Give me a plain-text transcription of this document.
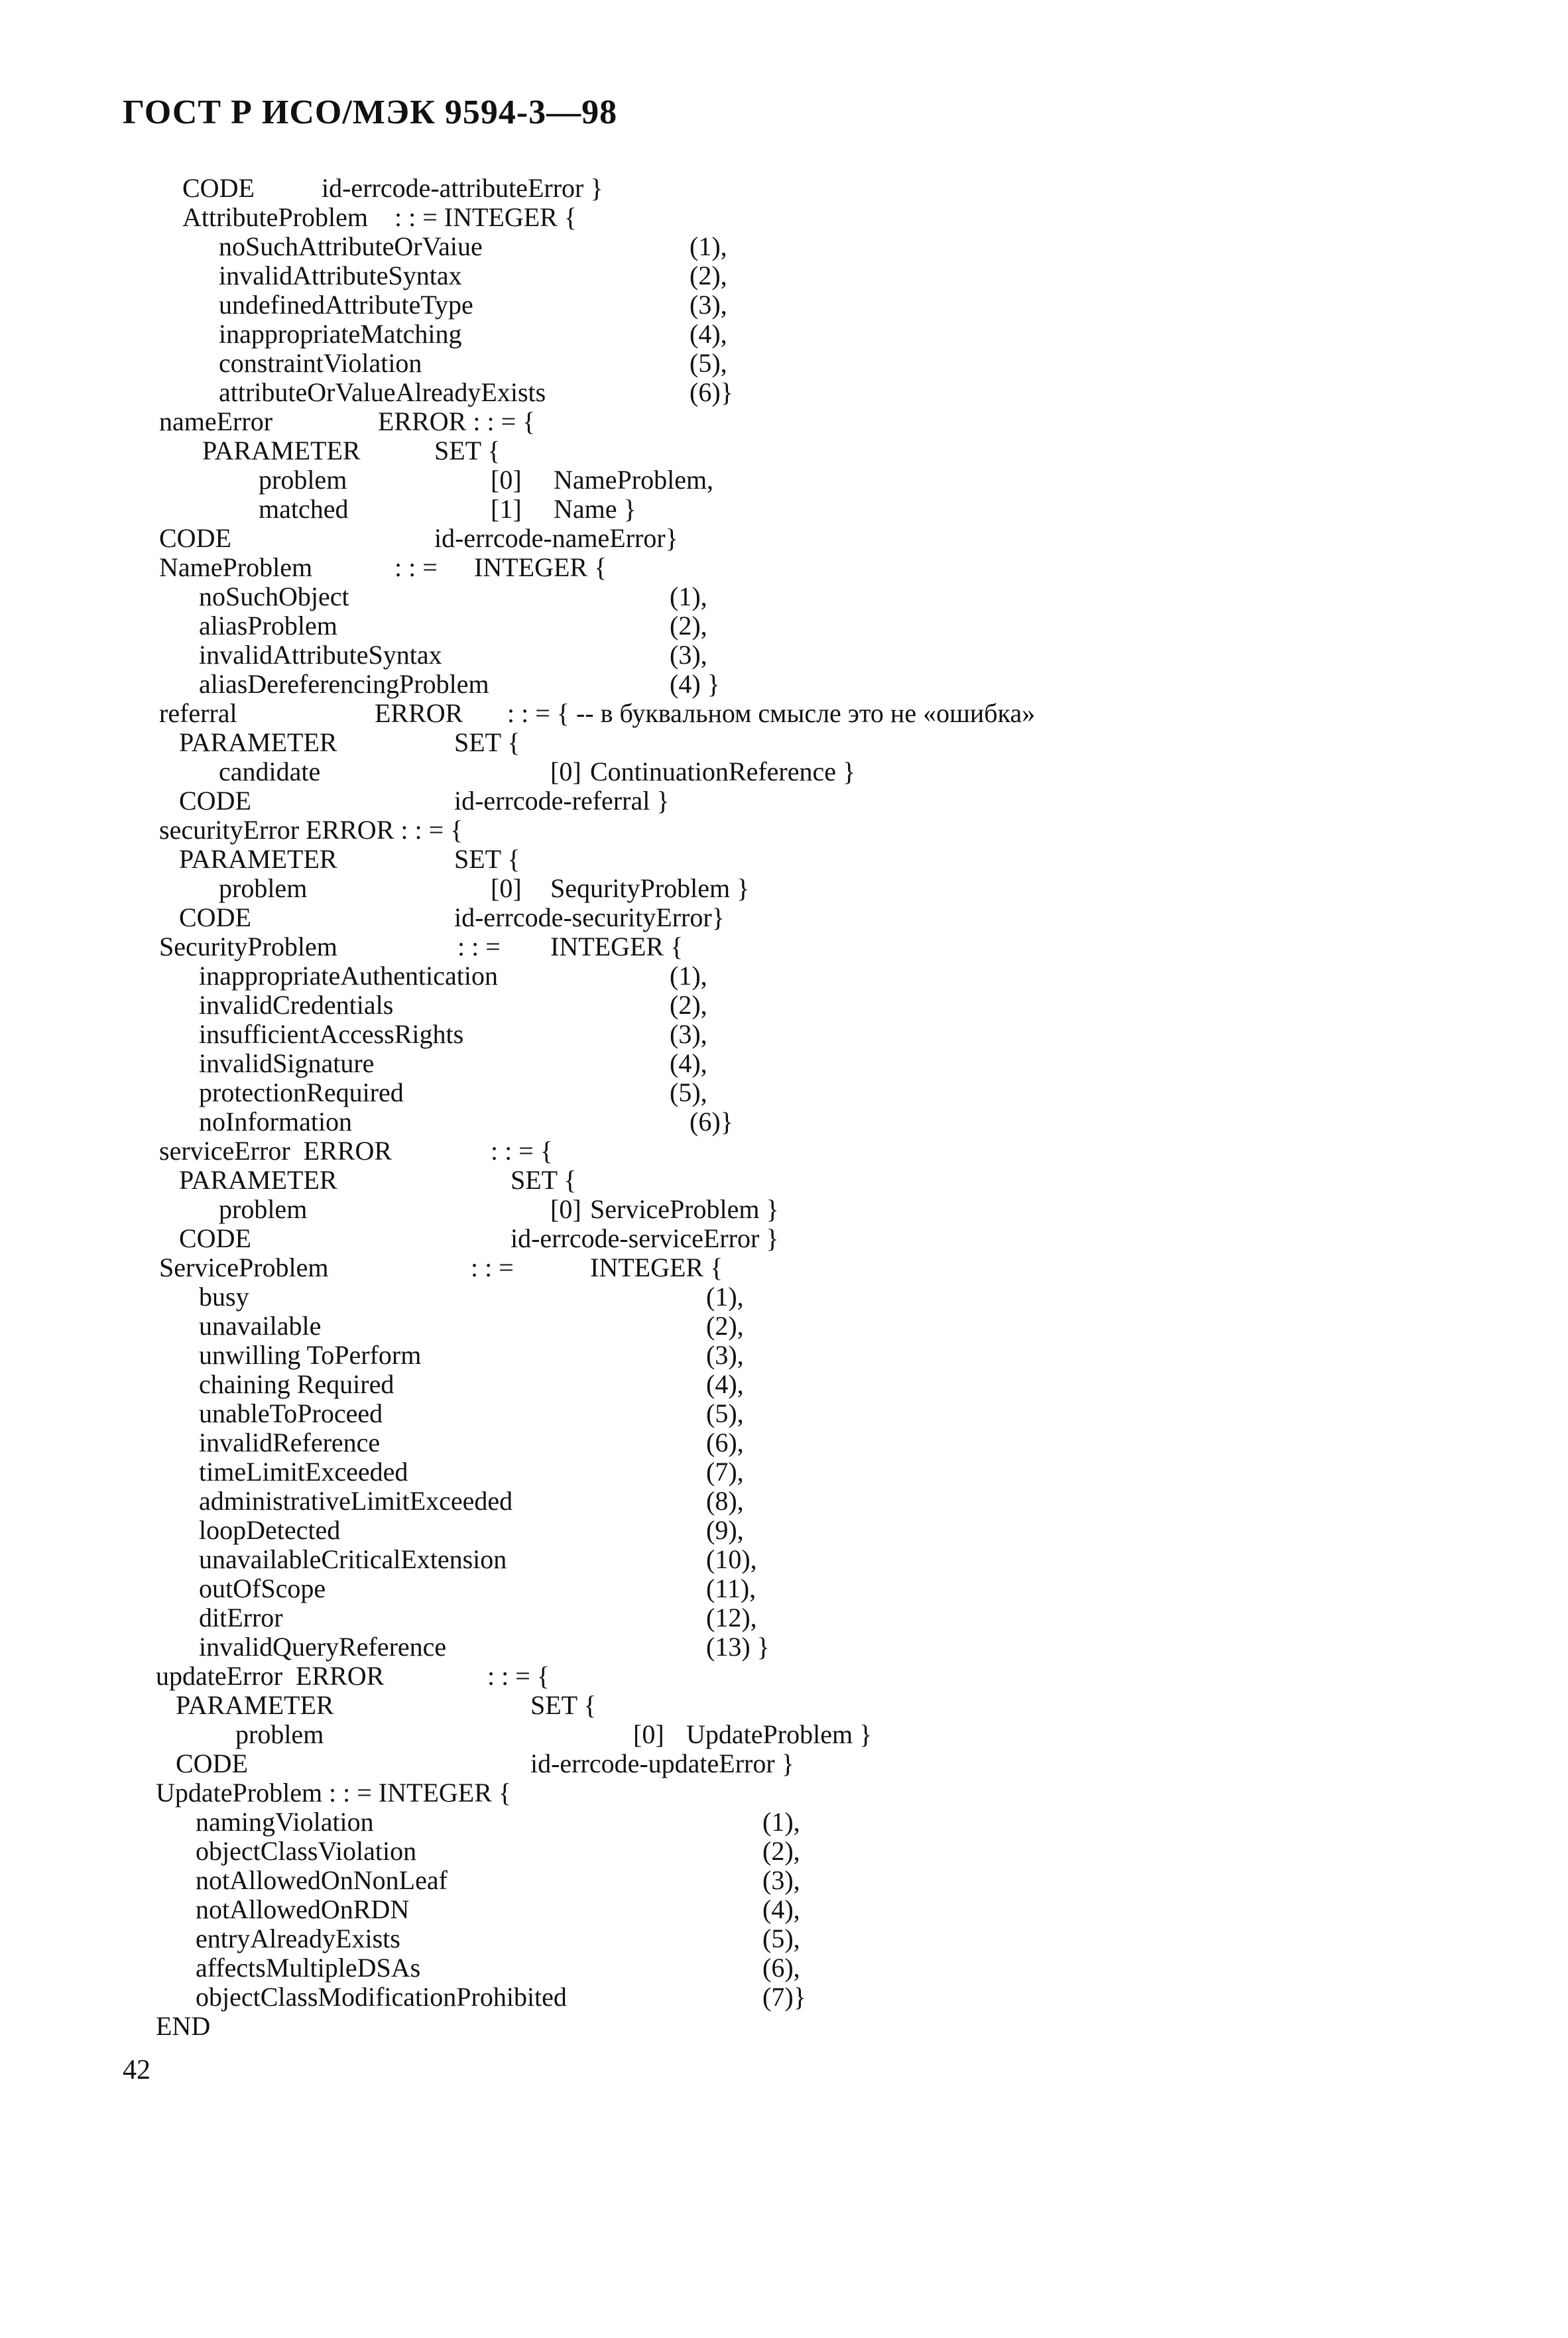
ГОСТ Р ИСО/МЭК 9594-3—98
CODE	id-errcode-attributeError }
AttributeProblem : : = INTEGER {
noSuchAttributeOrVaiue	(1),
invalidAttributeSyntax	(2),
undefinedAttributeType	(3),
inappropriateMatching	(4),
constraintViolation	(5),
attributeOrValueAlreadyExists	(6)}
nameError	ERROR : : = {
PARAMETER	SET {
problem	[0] NameProblem,
matched	[1] Name }
CODE	id-errcode-nameError}
NameProblem	: : = INTEGER {
noSuchObject	(1),
aliasProblem	(2),
invalidAttributeSyntax	(3),
aliasDereferencingProblem	(4) }
referral	ERROR : : = { -- в буквальном смысле это не «ошибка»
PARAMETER	SET {
candidate	[0] ContinuationReference }
CODE	id-errcode-referral }
securityError ERROR : : = {
PARAMETER	SET {
problem	[0] SequrityProblem }
CODE	id-errcode-securityError}
SecurityProblem	: : = INTEGER {
inappropriateAuthentication	(1),
invalidCredentials	(2),
insufficientAccessRights	(3),
invalidSignature	(4),
protectionRequired	(5),
noInformation	(6)}
serviceError  ERROR	: : = {
PARAMETER	SET {
problem	[0] ServiceProblem }
CODE	id-errcode-serviceError }
ServiceProblem	: : =	INTEGER {
busy	(1),
unavailable	(2),
unwilling ToPerform	(3),
chaining Required	(4),
unableToProceed	(5),
invalidReference	(6),
timeLimitExceeded	(7),
administrativeLimitExceeded	(8),
loopDetected	(9),
unavailableCriticalExtension	(10),
outOfScope	(11),
ditError	(12),
invalidQueryReference	(13) }
updateError  ERROR	: : = {
PARAMETER	SET {
problem	[0] UpdateProblem }
CODE	id-errcode-updateError }
UpdateProblem : : = INTEGER {
namingViolation	(1),
objectClassViolation	(2),
notAllowedOnNonLeaf	(3),
notAllowedOnRDN	(4),
entryAlreadyExists	(5),
affectsMultipleDSAs	(6),
objectClassModificationProhibited	(7)}
END
42
